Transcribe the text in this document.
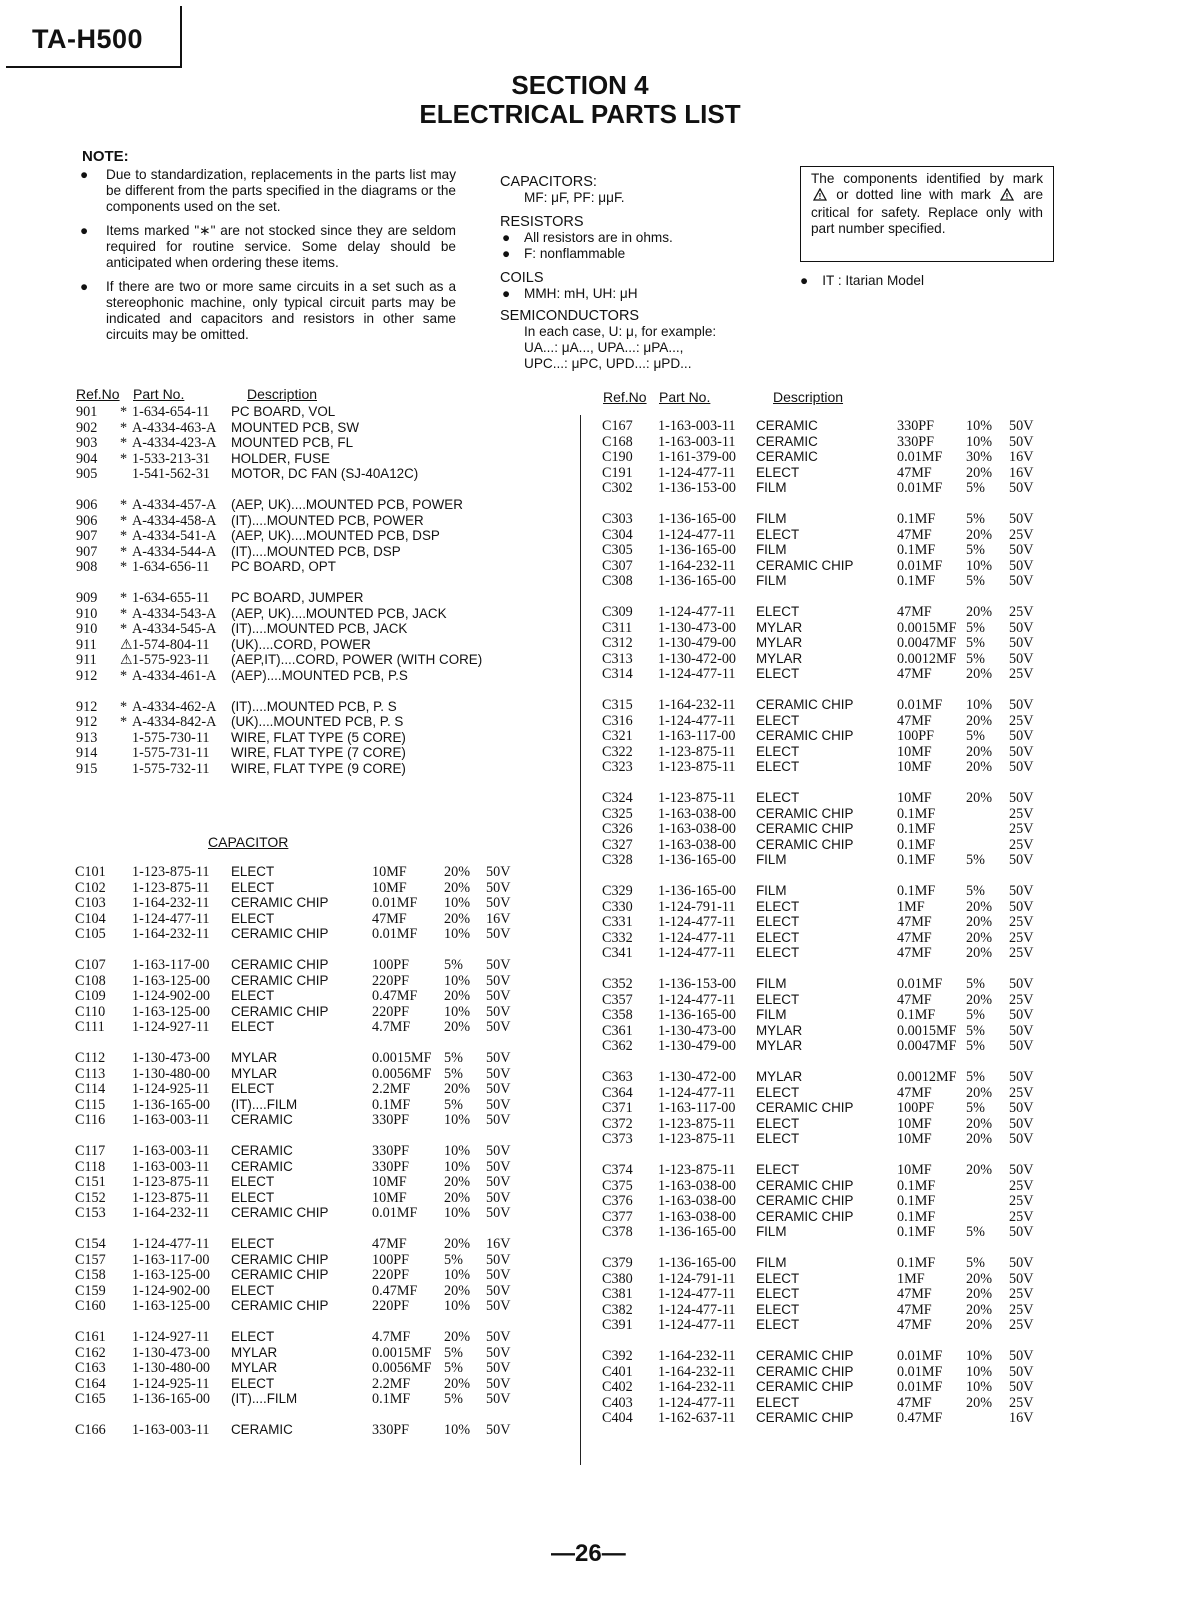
TA-H500
SECTION 4
ELECTRICAL PARTS LIST
NOTE:
● Due to standardization, replacements in the parts list may be different from the parts specified in the diagrams or the components used on the set.
● Items marked "∗" are not stocked since they are seldom required for routine service. Some delay should be anticipated when ordering these items.
● If there are two or more same circuits in a set such as a stereophonic machine, only typical circuit parts may be indicated and capacitors and resistors in other same circuits may be omitted.
CAPACITORS:
MF: μF, PF: μμF.
RESISTORS
● All resistors are in ohms.
● F: nonflammable
COILS
● MMH: mH, UH: μH
SEMICONDUCTORS
In each case, U: μ, for example:
UA...: μA..., UPA...: μPA...,
UPC...: μPC, UPD...: μPD...
The components identified by mark
! or dotted line with mark ! are critical for safety. Replace only with part number specified.
● IT : Itarian Model
Ref.No Part No.	Description	Ref.No Part No.	Description
CAPACITOR
901 * 1-634-654-11 PC BOARD, VOL
902 * A-4334-463-A MOUNTED PCB, SW
903 * A-4334-423-A MOUNTED PCB, FL
904 * 1-533-213-31 HOLDER, FUSE
905 1-541-562-31 MOTOR, DC FAN (SJ-40A12C)
906 * A-4334-457-A (AEP, UK)....MOUNTED PCB, POWER
906 * A-4334-458-A (IT)....MOUNTED PCB, POWER
907 * A-4334-541-A (AEP, UK)....MOUNTED PCB, DSP
907 * A-4334-544-A (IT)....MOUNTED PCB, DSP
908 * 1-634-656-11 PC BOARD, OPT
909 * 1-634-655-11 PC BOARD, JUMPER
910 * A-4334-543-A (AEP, UK)....MOUNTED PCB, JACK
910 * A-4334-545-A (IT)....MOUNTED PCB, JACK
911 ⚠ 1-574-804-11 (UK)....CORD, POWER
911 ⚠ 1-575-923-11 (AEP,IT)....CORD, POWER (WITH CORE)
912 * A-4334-461-A (AEP)....MOUNTED PCB, P.S
912 * A-4334-462-A (IT)....MOUNTED PCB, P. S
912 * A-4334-842-A (UK)....MOUNTED PCB, P. S
913 1-575-730-11 WIRE, FLAT TYPE (5 CORE)
914 1-575-731-11 WIRE, FLAT TYPE (7 CORE)
915 1-575-732-11 WIRE, FLAT TYPE (9 CORE)
C101 1-123-875-11 ELECT	10MF	20% 50V
C102 1-123-875-11 ELECT	10MF	20% 50V
C103 1-164-232-11 CERAMIC CHIP	0.01MF 10% 50V
C104 1-124-477-11 ELECT	47MF	20% 16V
C105 1-164-232-11 CERAMIC CHIP	0.01MF 10% 50V
C107 1-163-117-00 CERAMIC CHIP	100PF 5% 50V
C108 1-163-125-00 CERAMIC CHIP	220PF 10% 50V
C109 1-124-902-00 ELECT	0.47MF 20% 50V
C110 1-163-125-00 CERAMIC CHIP	220PF 10% 50V
C111 1-124-927-11 ELECT	4.7MF 20% 50V
C112 1-130-473-00 MYLAR	0.0015MF 5% 50V
C113 1-130-480-00 MYLAR	0.0056MF 5% 50V
C114 1-124-925-11 ELECT	2.2MF 20% 50V
C115 1-136-165-00 (IT)....FILM	0.1MF 5% 50V
C116 1-163-003-11 CERAMIC	330PF 10% 50V
C117 1-163-003-11 CERAMIC	330PF 10% 50V
C118 1-163-003-11 CERAMIC	330PF 10% 50V
C151 1-123-875-11 ELECT	10MF	20% 50V
C152 1-123-875-11 ELECT	10MF	20% 50V
C153 1-164-232-11 CERAMIC CHIP	0.01MF 10% 50V
C154 1-124-477-11 ELECT	47MF	20% 16V
C157 1-163-117-00 CERAMIC CHIP	100PF 5% 50V
C158 1-163-125-00 CERAMIC CHIP	220PF 10% 50V
C159 1-124-902-00 ELECT	0.47MF 20% 50V
C160 1-163-125-00 CERAMIC CHIP	220PF 10% 50V
C161 1-124-927-11 ELECT	4.7MF 20% 50V
C162 1-130-473-00 MYLAR	0.0015MF 5% 50V
C163 1-130-480-00 MYLAR	0.0056MF 5% 50V
C164 1-124-925-11 ELECT	2.2MF 20% 50V
C165 1-136-165-00 (IT)....FILM	0.1MF 5% 50V
C166 1-163-003-11 CERAMIC	330PF 10% 50V
C167 1-163-003-11 CERAMIC	330PF 10% 50V
C168 1-163-003-11 CERAMIC	330PF 10% 50V
C190 1-161-379-00 CERAMIC	0.01MF 30% 16V
C191 1-124-477-11 ELECT	47MF 20% 16V
C302 1-136-153-00 FILM	0.01MF 5% 50V
C303 1-136-165-00 FILM	0.1MF 5% 50V
C304 1-124-477-11 ELECT	47MF 20% 25V
C305 1-136-165-00 FILM	0.1MF 5% 50V
C307 1-164-232-11 CERAMIC CHIP	0.01MF 10% 50V
C308 1-136-165-00 FILM	0.1MF 5% 50V
C309 1-124-477-11 ELECT	47MF 20% 25V
C311 1-130-473-00 MYLAR	0.0015MF 5% 50V
C312 1-130-479-00 MYLAR	0.0047MF 5% 50V
C313 1-130-472-00 MYLAR	0.0012MF 5% 50V
C314 1-124-477-11 ELECT	47MF 20% 25V
C315 1-164-232-11 CERAMIC CHIP	0.01MF 10% 50V
C316 1-124-477-11 ELECT	47MF 20% 25V
C321 1-163-117-00 CERAMIC CHIP	100PF 5% 50V
C322 1-123-875-11 ELECT	10MF 20% 50V
C323 1-123-875-11 ELECT	10MF 20% 50V
C324 1-123-875-11 ELECT	10MF 20% 50V
C325 1-163-038-00 CERAMIC CHIP	0.1MF	25V
C326 1-163-038-00 CERAMIC CHIP	0.1MF	25V
C327 1-163-038-00 CERAMIC CHIP	0.1MF	25V
C328 1-136-165-00 FILM	0.1MF 5% 50V
C329 1-136-165-00 FILM	0.1MF 5% 50V
C330 1-124-791-11 ELECT	1MF	20% 50V
C331 1-124-477-11 ELECT	47MF 20% 25V
C332 1-124-477-11 ELECT	47MF 20% 25V
C341 1-124-477-11 ELECT	47MF 20% 25V
C352 1-136-153-00 FILM	0.01MF 5% 50V
C357 1-124-477-11 ELECT	47MF 20% 25V
C358 1-136-165-00 FILM	0.1MF 5% 50V
C361 1-130-473-00 MYLAR	0.0015MF 5% 50V
C362 1-130-479-00 MYLAR	0.0047MF 5% 50V
C363 1-130-472-00 MYLAR	0.0012MF 5% 50V
C364 1-124-477-11 ELECT	47MF 20% 25V
C371 1-163-117-00 CERAMIC CHIP	100PF 5% 50V
C372 1-123-875-11 ELECT	10MF 20% 50V
C373 1-123-875-11 ELECT	10MF 20% 50V
C374 1-123-875-11 ELECT	10MF 20% 50V
C375 1-163-038-00 CERAMIC CHIP	0.1MF	25V
C376 1-163-038-00 CERAMIC CHIP	0.1MF	25V
C377 1-163-038-00 CERAMIC CHIP	0.1MF	25V
C378 1-136-165-00 FILM	0.1MF 5% 50V
C379 1-136-165-00 FILM	0.1MF 5% 50V
C380 1-124-791-11 ELECT	1MF	20% 50V
C381 1-124-477-11 ELECT	47MF 20% 25V
C382 1-124-477-11 ELECT	47MF 20% 25V
C391 1-124-477-11 ELECT	47MF 20% 25V
C392 1-164-232-11 CERAMIC CHIP	0.01MF 10% 50V
C401 1-164-232-11 CERAMIC CHIP	0.01MF 10% 50V
C402 1-164-232-11 CERAMIC CHIP	0.01MF 10% 50V
C403 1-124-477-11 ELECT	47MF 20% 25V
C404 1-162-637-11 CERAMIC CHIP	0.47MF	16V
—26—
